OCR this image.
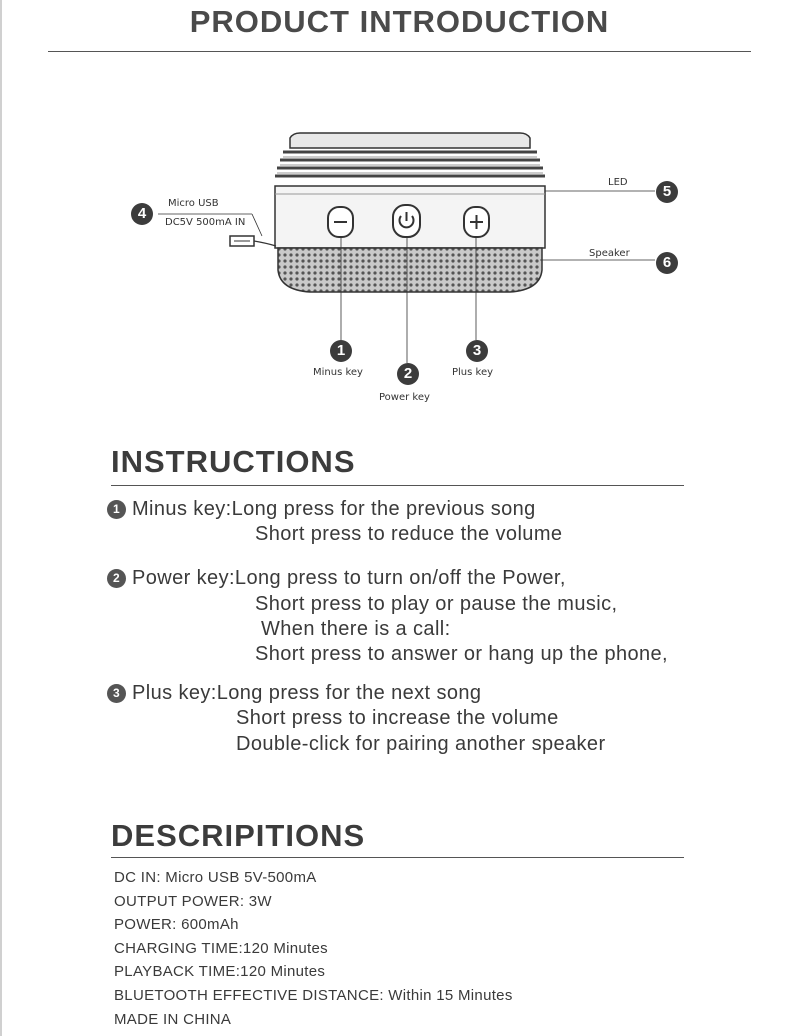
PRODUCT INTRODUCTION
4
Micro USB
DC5V 500mA IN
LED
5
Speaker
6
1
Minus key	2
Power key
3
Plus key
INSTRUCTIONS
1 Minus key:Long press for the previous song
Short press to reduce the volume
2 Power key:Long press to turn on/off the Power,
Short press to play or pause the music,
When there is a call:
Short press to answer or hang up the phone,
3 Plus key:Long press for the next song
Short press to increase the volume
Double-click for pairing another speaker
DESCRIPITIONS
DC IN: Micro USB 5V-500mA
OUTPUT POWER: 3W
POWER: 600mAh
CHARGING TIME:120 Minutes
PLAYBACK TIME:120 Minutes
BLUETOOTH EFFECTIVE DISTANCE: Within 15 Minutes
MADE IN CHINA
